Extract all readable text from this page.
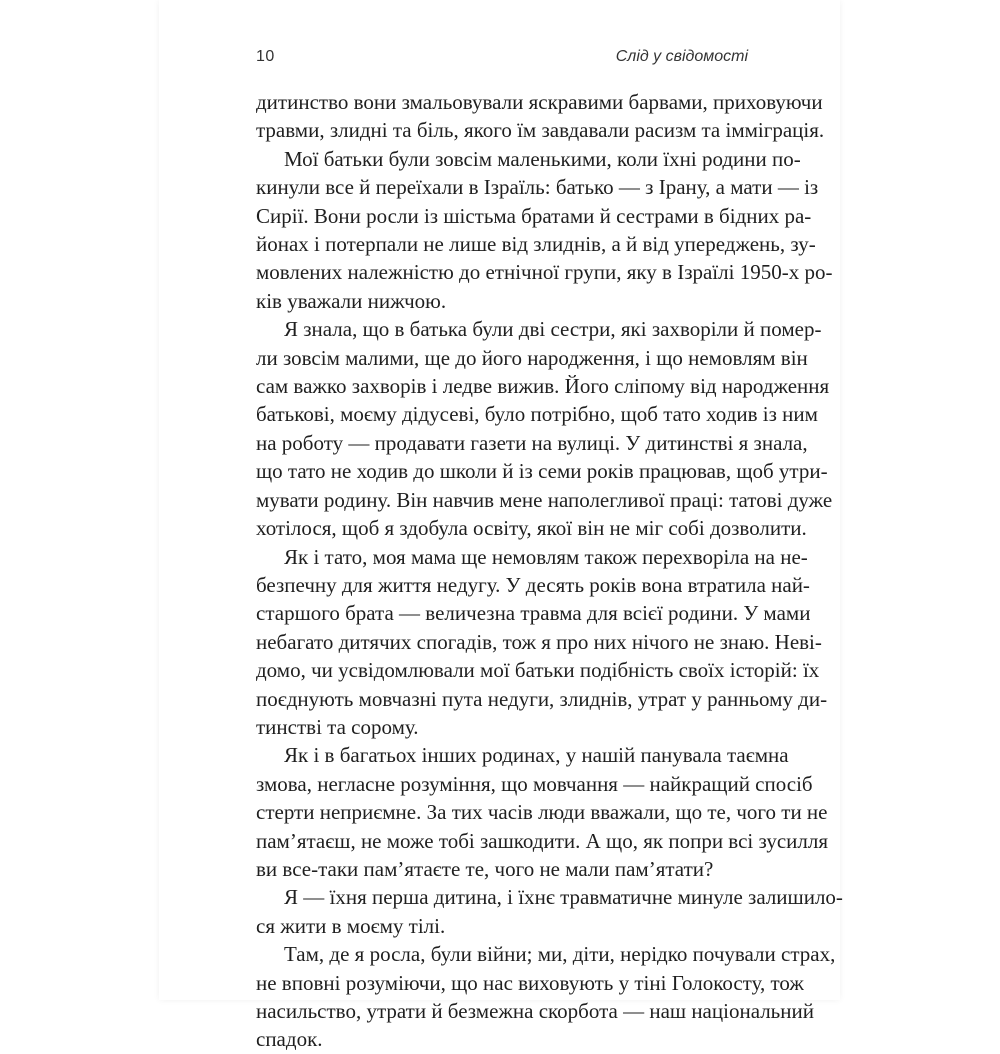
10	Слід у свідомості
дитинство вони змальовували яскравими барвами, приховуючи
травми, злидні та біль, якого їм завдавали расизм та імміграція.
Мої батьки були зовсім маленькими, коли їхні родини по-
кинули все й переїхали в Ізраїль: батько — з Ірану, а мати — із
Сирії. Вони росли із шістьма братами й сестрами в бідних ра-
йонах і потерпали не лише від злиднів, а й від упереджень, зу-
мовлених належністю до етнічної групи, яку в Ізраїлі 1950-х ро-
ків уважали нижчою.
Я знала, що в батька були дві сестри, які захворіли й помер-
ли зовсім малими, ще до його народження, і що немовлям він
сам важко захворів і ледве вижив. Його сліпому від народження
батькові, моєму дідусеві, було потрібно, щоб тато ходив із ним
на роботу — продавати газети на вулиці. У дитинстві я знала,
що тато не ходив до школи й із семи років працював, щоб утри-
мувати родину. Він навчив мене наполегливої праці: татові дуже
хотілося, щоб я здобула освіту, якої він не міг собі дозволити.
Як і тато, моя мама ще немовлям також перехворіла на не-
безпечну для життя недугу. У десять років вона втратила най-
старшого брата — величезна травма для всієї родини. У мами
небагато дитячих спогадів, тож я про них нічого не знаю. Неві-
домо, чи усвідомлювали мої батьки подібність своїх історій: їх
поєднують мовчазні пута недуги, злиднів, утрат у ранньому ди-
тинстві та сорому.
Як і в багатьох інших родинах, у нашій панувала таємна
змова, негласне розуміння, що мовчання — найкращий спосіб
стерти неприємне. За тих часів люди вважали, що те, чого ти не
пам’ятаєш, не може тобі зашкодити. А що, як попри всі зусилля
ви все-таки пам’ятаєте те, чого не мали пам’ятати?
Я — їхня перша дитина, і їхнє травматичне минуле залишило-
ся жити в моєму тілі.
Там, де я росла, були війни; ми, діти, нерідко почували страх,
не вповні розуміючи, що нас виховують у тіні Голокосту, тож
насильство, утрати й безмежна скорбота — наш національний
спадок.
